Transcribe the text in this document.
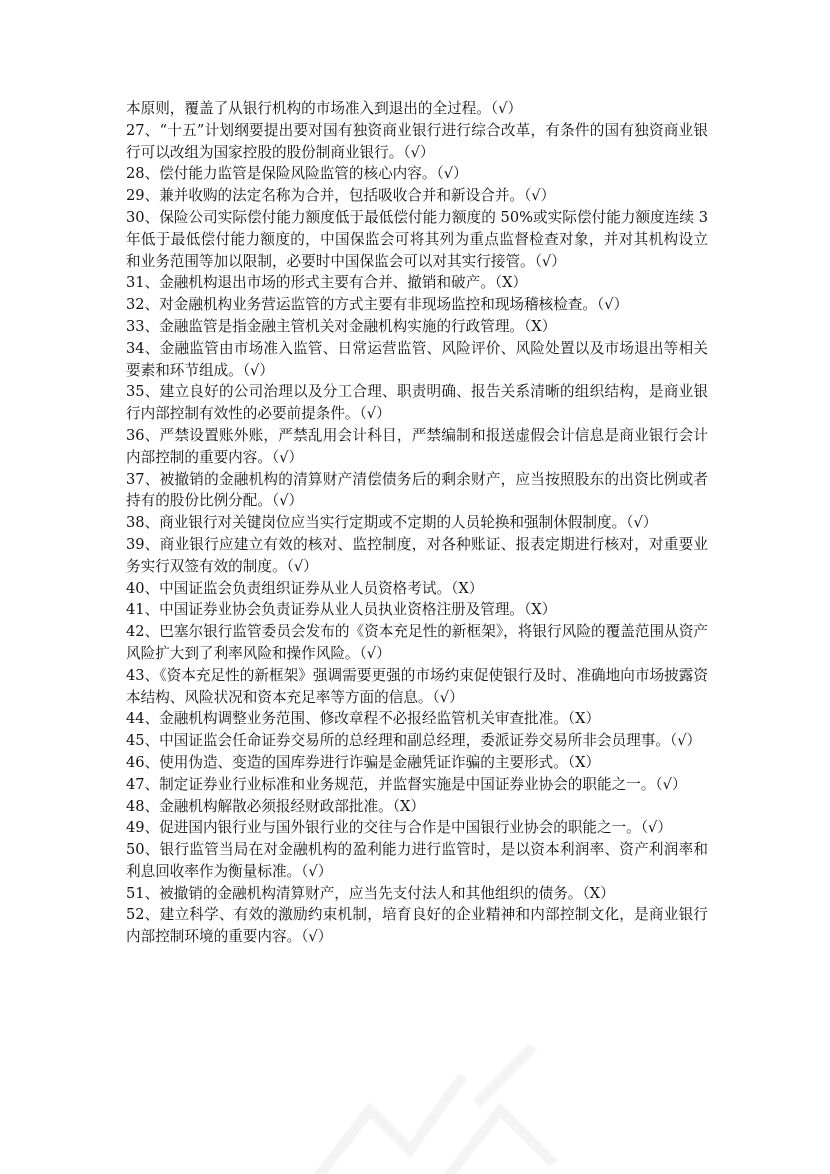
本原则，覆盖了从银行机构的市场准入到退出的全过程。（√）

27、“十五”计划纲要提出要对国有独资商业银行进行综合改革，有条件的国有独资商业银行可以改组为国家控股的股份制商业银行。（√）

28、偿付能力监管是保险风险监管的核心内容。（√）

29、兼并收购的法定名称为合并，包括吸收合并和新设合并。（√）

30、保险公司实际偿付能力额度低于最低偿付能力额度的 50%或实际偿付能力额度连续 3 年低于最低偿付能力额度的，中国保监会可将其列为重点监督检查对象，并对其机构设立和业务范围等加以限制，必要时中国保监会可以对其实行接管。（√）

31、金融机构退出市场的形式主要有合并、撤销和破产。（X）

32、对金融机构业务营运监管的方式主要有非现场监控和现场稽核检查。（√）

33、金融监管是指金融主管机关对金融机构实施的行政管理。（X）

34、金融监管由市场准入监管、日常运营监管、风险评价、风险处置以及市场退出等相关要素和环节组成。（√）

35、建立良好的公司治理以及分工合理、职责明确、报告关系清晰的组织结构，是商业银行内部控制有效性的必要前提条件。（√）

36、严禁设置账外账，严禁乱用会计科目，严禁编制和报送虚假会计信息是商业银行会计内部控制的重要内容。（√）

37、被撤销的金融机构的清算财产清偿债务后的剩余财产，应当按照股东的出资比例或者持有的股份比例分配。（√）

38、商业银行对关键岗位应当实行定期或不定期的人员轮换和强制休假制度。（√）

39、商业银行应建立有效的核对、监控制度，对各种账证、报表定期进行核对，对重要业务实行双签有效的制度。（√）

40、中国证监会负责组织证券从业人员资格考试。（X）

41、中国证券业协会负责证券从业人员执业资格注册及管理。（X）

42、巴塞尔银行监管委员会发布的《资本充足性的新框架》，将银行风险的覆盖范围从资产风险扩大到了利率风险和操作风险。（√）

43、《资本充足性的新框架》强调需要更强的市场约束促使银行及时、准确地向市场披露资本结构、风险状况和资本充足率等方面的信息。（√）

44、金融机构调整业务范围、修改章程不必报经监管机关审查批准。（X）

45、中国证监会任命证券交易所的总经理和副总经理，委派证券交易所非会员理事。（√）

46、使用伪造、变造的国库券进行诈骗是金融凭证诈骗的主要形式。（X）

47、制定证券业行业标准和业务规范，并监督实施是中国证券业协会的职能之一。（√）

48、金融机构解散必须报经财政部批准。（X）

49、促进国内银行业与国外银行业的交往与合作是中国银行业协会的职能之一。（√）

50、银行监管当局在对金融机构的盈利能力进行监管时，是以资本利润率、资产利润率和利息回收率作为衡量标准。（√）

51、被撤销的金融机构清算财产，应当先支付法人和其他组织的债务。（X）

52、建立科学、有效的激励约束机制，培育良好的企业精神和内部控制文化，是商业银行内部控制环境的重要内容。（√）
